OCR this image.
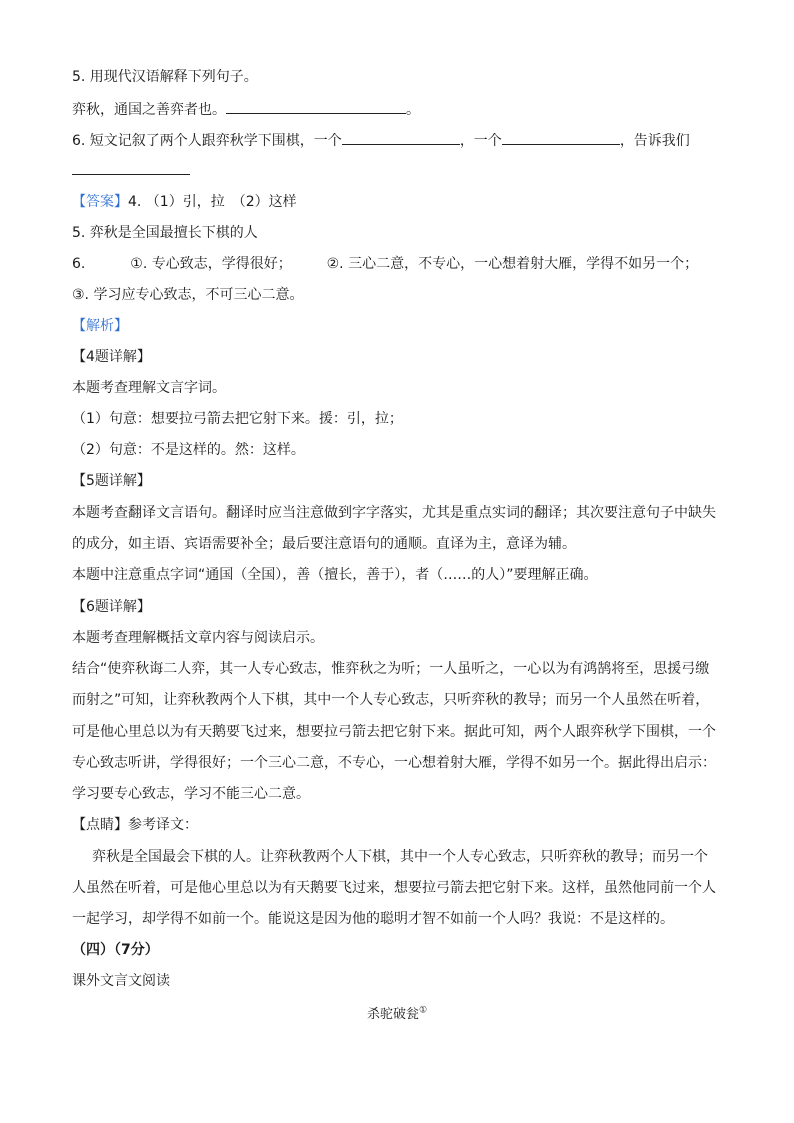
5. 用现代汉语解释下列句子。
弈秋，通国之善弈者也。	。
6. 短文记叙了两个人跟弈秋学下围棋，一个	，一个	，告诉我们
【答案】4. （1）引，拉　（2）这样
5. 弈秋是全国最擅长下棋的人
6.	①. 专心致志，学得很好； ②. 三心二意，不专心，一心想着射大雁，学得不如另一个；
③. 学习应专心致志，不可三心二意。
【解析】
【4题详解】
本题考查理解文言字词。
（1）句意：想要拉弓箭去把它射下来。援：引，拉；
（2）句意：不是这样的。然：这样。
【5题详解】
本题考查翻译文言语句。翻译时应当注意做到字字落实，尤其是重点实词的翻译；其次要注意句子中缺失
的成分，如主语、宾语需要补全；最后要注意语句的通顺。直译为主，意译为辅。
本题中注意重点字词“通国（全国），善（擅长，善于），者（……的人）”要理解正确。
【6题详解】
本题考查理解概括文章内容与阅读启示。
结合“使弈秋诲二人弈，其一人专心致志，惟弈秋之为听；一人虽听之，一心以为有鸿鹄将至，思援弓缴
而射之”可知，让弈秋教两个人下棋，其中一个人专心致志，只听弈秋的教导；而另一个人虽然在听着，
可是他心里总以为有天鹅要飞过来，想要拉弓箭去把它射下来。据此可知，两个人跟弈秋学下围棋，一个
专心致志听讲，学得很好；一个三心二意，不专心，一心想着射大雁，学得不如另一个。据此得出启示：
学习要专心致志，学习不能三心二意。
【点睛】参考译文：
弈秋是全国最会下棋的人。让弈秋教两个人下棋，其中一个人专心致志，只听弈秋的教导；而另一个
人虽然在听着，可是他心里总以为有天鹅要飞过来，想要拉弓箭去把它射下来。这样，虽然他同前一个人
一起学习，却学得不如前一个。能说这是因为他的聪明才智不如前一个人吗？我说：不是这样的。
（四）（7分）
课外文言文阅读
杀驼破瓮①
